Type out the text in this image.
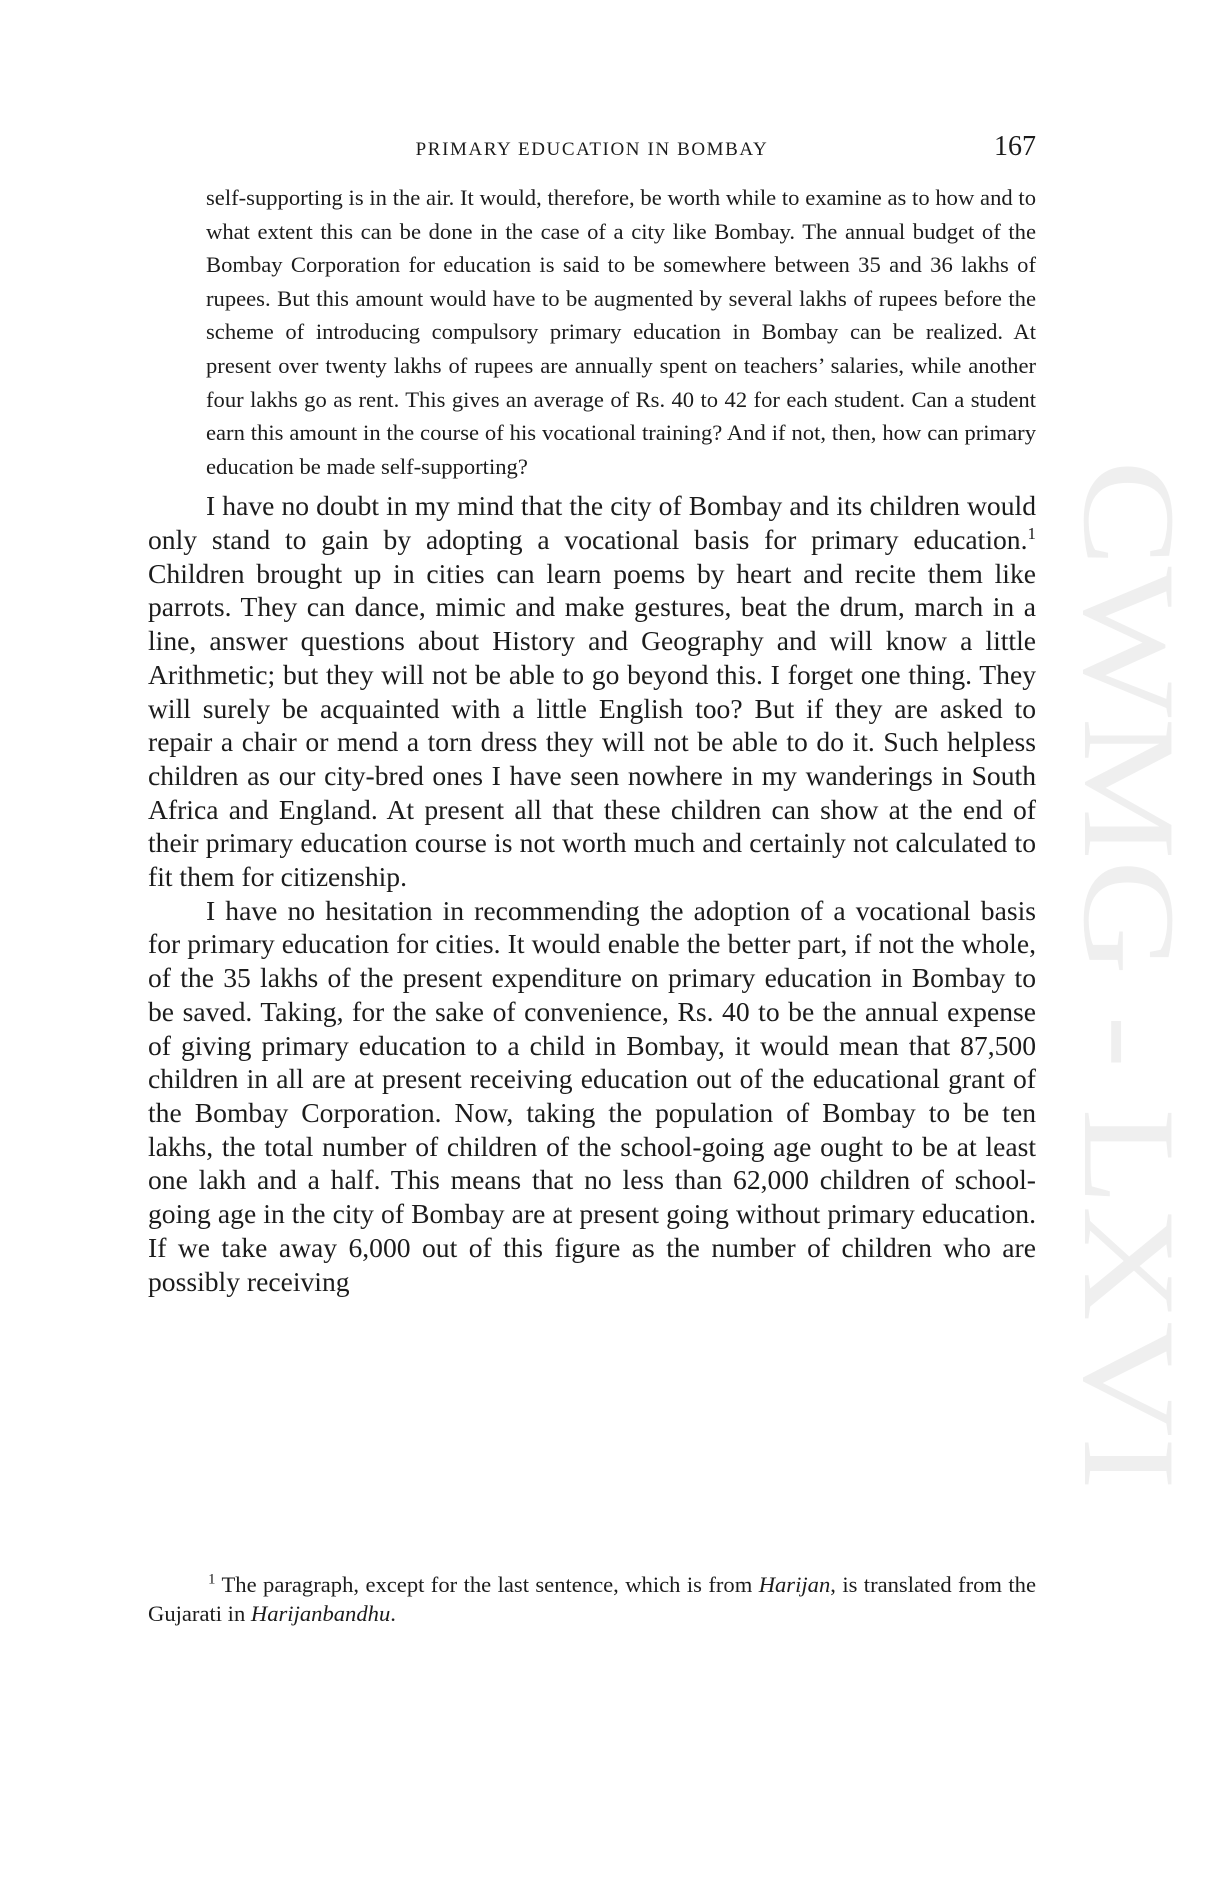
CWMG - LXVI
PRIMARY EDUCATION IN BOMBAY	167

self-supporting is in the air. It would, therefore, be worth while to examine as to how and to what extent this can be done in the case of a city like Bombay. The annual budget of the Bombay Corporation for education is said to be somewhere between 35 and 36 lakhs of rupees. But this amount would have to be augmented by several lakhs of rupees before the scheme of introducing compulsory primary education in Bombay can be realized. At present over twenty lakhs of rupees are annually spent on teachers’ salaries, while another four lakhs go as rent. This gives an average of Rs. 40 to 42 for each student. Can a student earn this amount in the course of his vocational training? And if not, then, how can primary education be made self-supporting?

I have no doubt in my mind that the city of Bombay and its children would only stand to gain by adopting a vocational basis for primary education.$^1$ Children brought up in cities can learn poems by heart and recite them like parrots. They can dance, mimic and make gestures, beat the drum, march in a line, answer questions about History and Geography and will know a little Arithmetic; but they will not be able to go beyond this. I forget one thing. They will surely be acquainted with a little English too? But if they are asked to repair a chair or mend a torn dress they will not be able to do it. Such helpless children as our city-bred ones I have seen nowhere in my wanderings in South Africa and England. At present all that these children can show at the end of their primary education course is not worth much and certainly not calculated to fit them for citizenship.

I have no hesitation in recommending the adoption of a vocational basis for primary education for cities. It would enable the better part, if not the whole, of the 35 lakhs of the present expenditure on primary education in Bombay to be saved. Taking, for the sake of convenience, Rs. 40 to be the annual expense of giving primary education to a child in Bombay, it would mean that 87,500 children in all are at present receiving education out of the educational grant of the Bombay Corporation. Now, taking the population of Bombay to be ten lakhs, the total number of children of the school-going age ought to be at least one lakh and a half. This means that no less than 62,000 children of school-going age in the city of Bombay are at present going without primary education. If we take away 6,000 out of this figure as the number of children who are possibly receiving

$^1$ The paragraph, except for the last sentence, which is from Harijan, is translated from the Gujarati in Harijanbandhu.
